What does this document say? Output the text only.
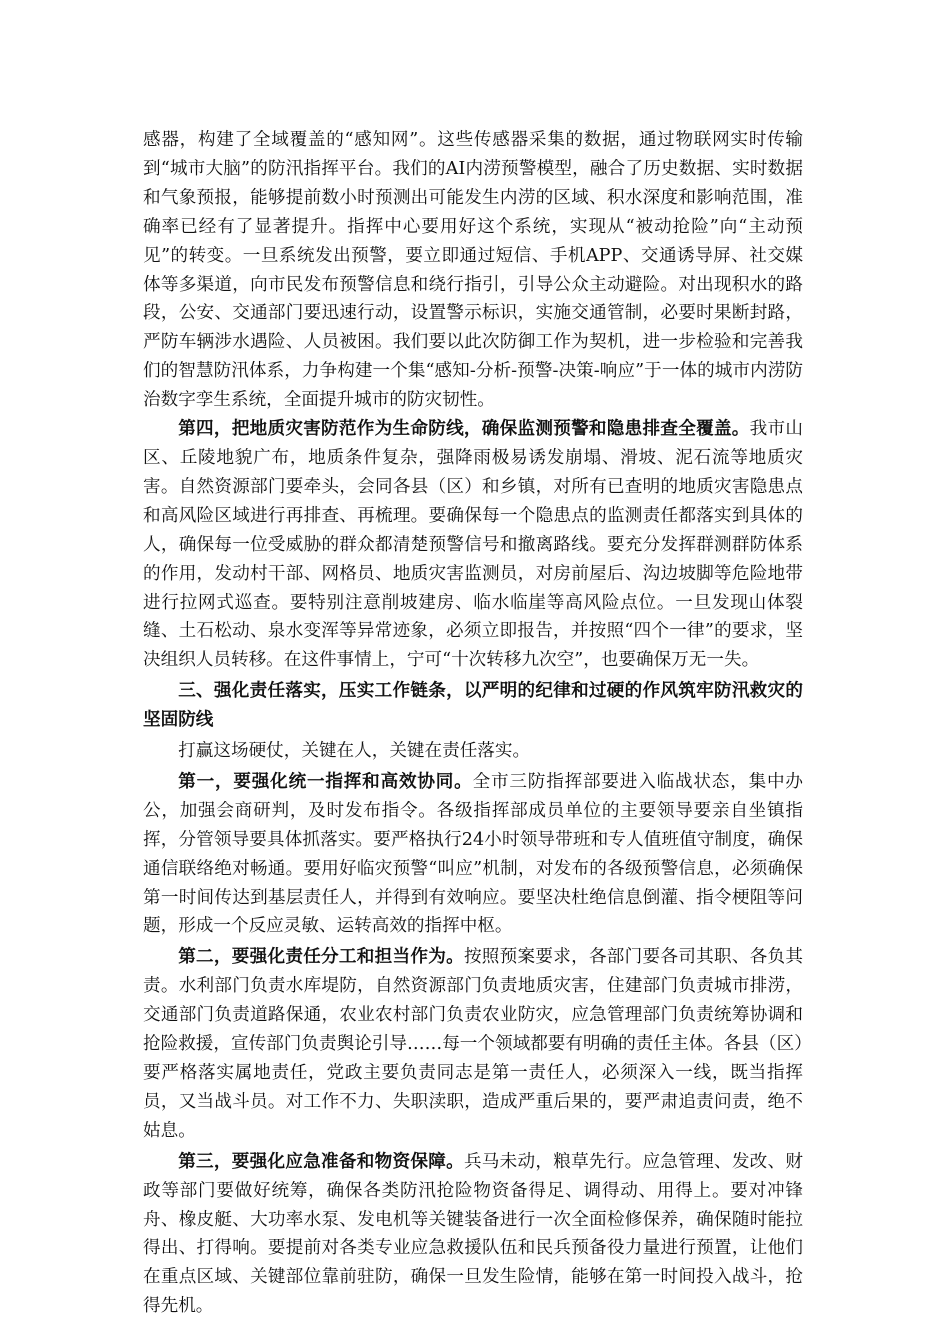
感器，构建了全域覆盖的“感知网”。这些传感器采集的数据，通过物联网实时传输到“城市大脑”的防汛指挥平台。我们的AI内涝预警模型，融合了历史数据、实时数据和气象预报，能够提前数小时预测出可能发生内涝的区域、积水深度和影响范围，准确率已经有了显著提升。指挥中心要用好这个系统，实现从“被动抢险”向“主动预见”的转变。一旦系统发出预警，要立即通过短信、手机APP、交通诱导屏、社交媒体等多渠道，向市民发布预警信息和绕行指引，引导公众主动避险。对出现积水的路段，公安、交通部门要迅速行动，设置警示标识，实施交通管制，必要时果断封路，严防车辆涉水遇险、人员被困。我们要以此次防御工作为契机，进一步检验和完善我们的智慧防汛体系，力争构建一个集“感知-分析-预警-决策-响应”于一体的城市内涝防治数字孪生系统，全面提升城市的防灾韧性。

第四，把地质灾害防范作为生命防线，确保监测预警和隐患排查全覆盖。我市山区、丘陵地貌广布，地质条件复杂，强降雨极易诱发崩塌、滑坡、泥石流等地质灾害。自然资源部门要牵头，会同各县（区）和乡镇，对所有已查明的地质灾害隐患点和高风险区域进行再排查、再梳理。要确保每一个隐患点的监测责任都落实到具体的人，确保每一位受威胁的群众都清楚预警信号和撤离路线。要充分发挥群测群防体系的作用，发动村干部、网格员、地质灾害监测员，对房前屋后、沟边坡脚等危险地带进行拉网式巡查。要特别注意削坡建房、临水临崖等高风险点位。一旦发现山体裂缝、土石松动、泉水变浑等异常迹象，必须立即报告，并按照“四个一律”的要求，坚决组织人员转移。在这件事情上，宁可“十次转移九次空”，也要确保万无一失。

三、强化责任落实，压实工作链条，以严明的纪律和过硬的作风筑牢防汛救灾的坚固防线

打赢这场硬仗，关键在人，关键在责任落实。

第一，要强化统一指挥和高效协同。全市三防指挥部要进入临战状态，集中办公，加强会商研判，及时发布指令。各级指挥部成员单位的主要领导要亲自坐镇指挥，分管领导要具体抓落实。要严格执行24小时领导带班和专人值班值守制度，确保通信联络绝对畅通。要用好临灾预警“叫应”机制，对发布的各级预警信息，必须确保第一时间传达到基层责任人，并得到有效响应。要坚决杜绝信息倒灌、指令梗阻等问题，形成一个反应灵敏、运转高效的指挥中枢。

第二，要强化责任分工和担当作为。按照预案要求，各部门要各司其职、各负其责。水利部门负责水库堤防，自然资源部门负责地质灾害，住建部门负责城市排涝，交通部门负责道路保通，农业农村部门负责农业防灾，应急管理部门负责统筹协调和抢险救援，宣传部门负责舆论引导……每一个领域都要有明确的责任主体。各县（区）要严格落实属地责任，党政主要负责同志是第一责任人，必须深入一线，既当指挥员，又当战斗员。对工作不力、失职渎职，造成严重后果的，要严肃追责问责，绝不姑息。

第三，要强化应急准备和物资保障。兵马未动，粮草先行。应急管理、发改、财政等部门要做好统筹，确保各类防汛抢险物资备得足、调得动、用得上。要对冲锋舟、橡皮艇、大功率水泵、发电机等关键装备进行一次全面检修保养，确保随时能拉得出、打得响。要提前对各类专业应急救援队伍和民兵预备役力量进行预置，让他们在重点区域、关键部位靠前驻防，确保一旦发生险情，能够在第一时间投入战斗，抢得先机。
